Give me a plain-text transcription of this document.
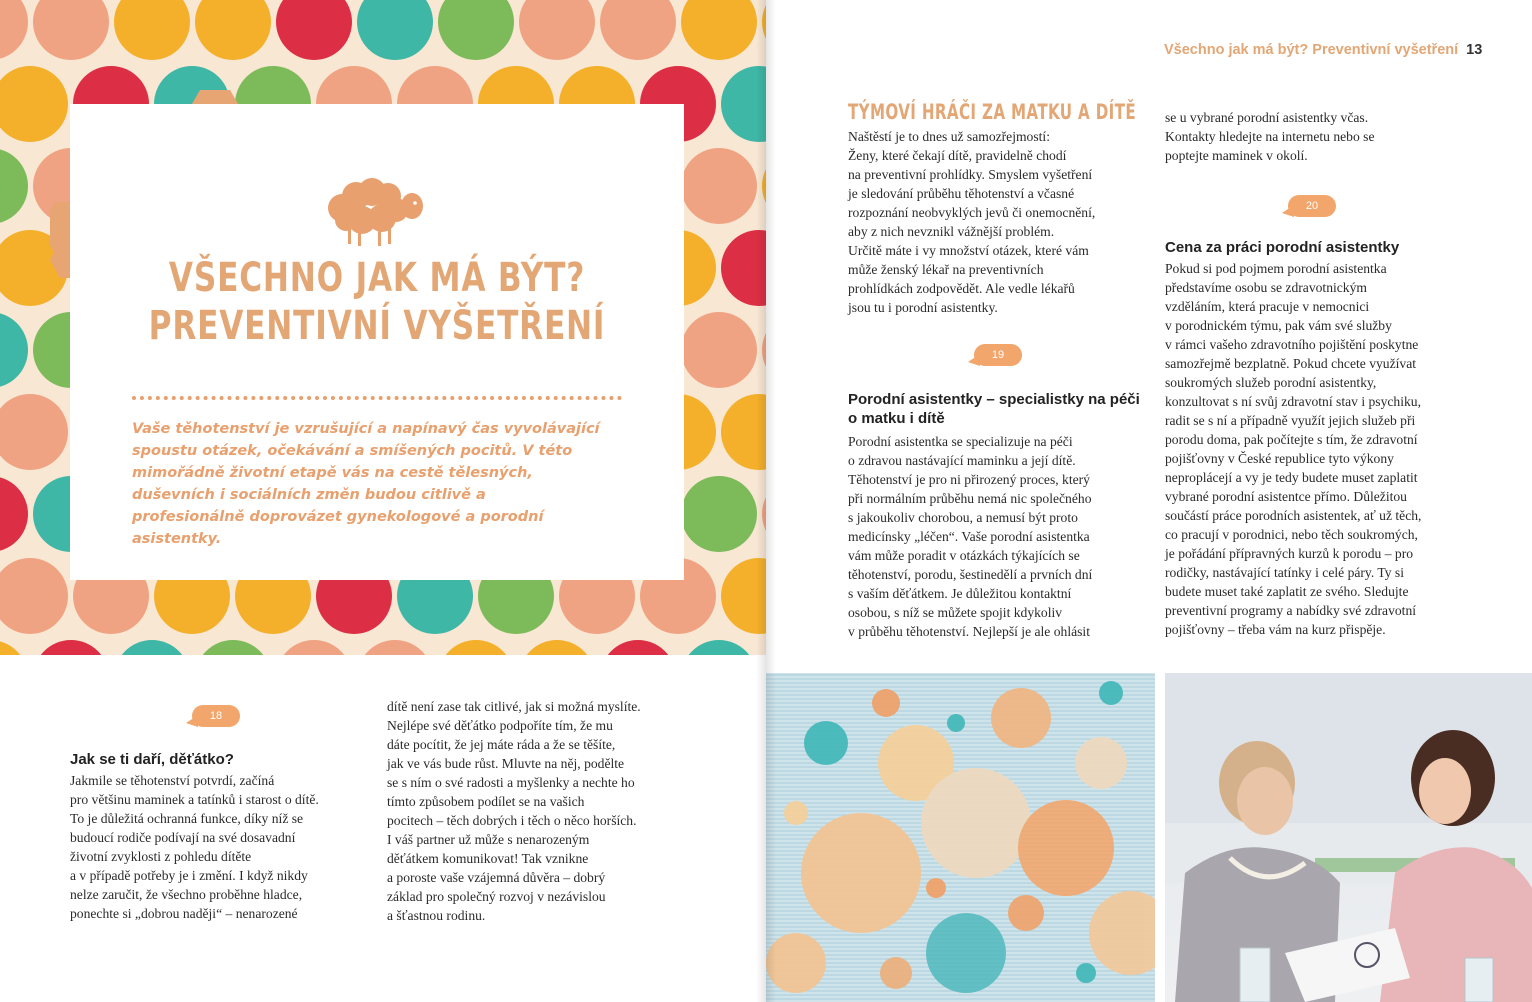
VŠECHNO JAK MÁ BÝT?
PREVENTIVNÍ VYŠETŘENÍ
Vaše těhotenství je vzrušující a napínavý čas vyvolávající spoustu otázek, očekávání a smíšených pocitů. V této mimořádně životní etapě vás na cestě tělesných, duševních i sociálních změn budou citlivě a profesionálně doprovázet gynekologové a porodní asistentky.
18
Jak se ti daří, děťátko?
Jakmile se těhotenství potvrdí, začíná
pro většinu maminek a tatínků i starost o dítě.
To je důležitá ochranná funkce, díky níž se
budoucí rodiče podívají na své dosavadní
životní zvyklosti z pohledu dítěte
a v případě potřeby je i změní. I když nikdy
nelze zaručit, že všechno proběhne hladce,
ponechte si „dobrou naději“ – nenarozené
dítě není zase tak citlivé, jak si možná myslíte.
Nejlépe své děťátko podpoříte tím, že mu
dáte pocítit, že jej máte ráda a že se těšíte,
jak ve vás bude růst. Mluvte na něj, podělte
se s ním o své radosti a myšlenky a nechte ho
tímto způsobem podílet se na vašich
pocitech – těch dobrých i těch o něco horších.
I váš partner už může s nenarozeným
děťátkem komunikovat! Tak vznikne
a poroste vaše vzájemná důvěra – dobrý
základ pro společný rozvoj v nezávislou
a šťastnou rodinu.
Všechno jak má být? Preventivní vyšetření 13
TÝMOVÍ HRÁČI ZA MATKU A DÍTĚ
Naštěstí je to dnes už samozřejmostí:
Ženy, které čekají dítě, pravidelně chodí
na preventivní prohlídky. Smyslem vyšetření
je sledování průběhu těhotenství a včasné
rozpoznání neobvyklých jevů či onemocnění,
aby z nich nevznikl vážnější problém.
Určitě máte i vy množství otázek, které vám
může ženský lékař na preventivních
prohlídkách zodpovědět. Ale vedle lékařů
jsou tu i porodní asistentky.
19
Porodní asistentky – specialistky na péči
o matku i dítě
Porodní asistentka se specializuje na péči
o zdravou nastávající maminku a její dítě.
Těhotenství je pro ni přirozený proces, který
při normálním průběhu nemá nic společného
s jakoukoliv chorobou, a nemusí být proto
medicínsky „léčen“. Vaše porodní asistentka
vám může poradit v otázkách týkajících se
těhotenství, porodu, šestinedělí a prvních dní
s vaším děťátkem. Je důležitou kontaktní
osobou, s níž se můžete spojit kdykoliv
v průběhu těhotenství. Nejlepší je ale ohlásit
se u vybrané porodní asistentky včas.
Kontakty hledejte na internetu nebo se
poptejte maminek v okolí.
20
Cena za práci porodní asistentky
Pokud si pod pojmem porodní asistentka
představíme osobu se zdravotnickým
vzděláním, která pracuje v nemocnici
v porodnickém týmu, pak vám své služby
v rámci vašeho zdravotního pojištění poskytne
samozřejmě bezplatně. Pokud chcete využívat
soukromých služeb porodní asistentky,
konzultovat s ní svůj zdravotní stav i psychiku,
radit se s ní a případně využít jejich služeb při
porodu doma, pak počítejte s tím, že zdravotní
pojišťovny v České republice tyto výkony
neproplácejí a vy je tedy budete muset zaplatit
vybrané porodní asistentce přímo. Důležitou
součástí práce porodních asistentek, ať už těch,
co pracují v porodnici, nebo těch soukromých,
je pořádání přípravných kurzů k porodu – pro
rodičky, nastávající tatínky i celé páry. Ty si
budete muset také zaplatit ze svého. Sledujte
preventivní programy a nabídky své zdravotní
pojišťovny – třeba vám na kurz přispěje.
